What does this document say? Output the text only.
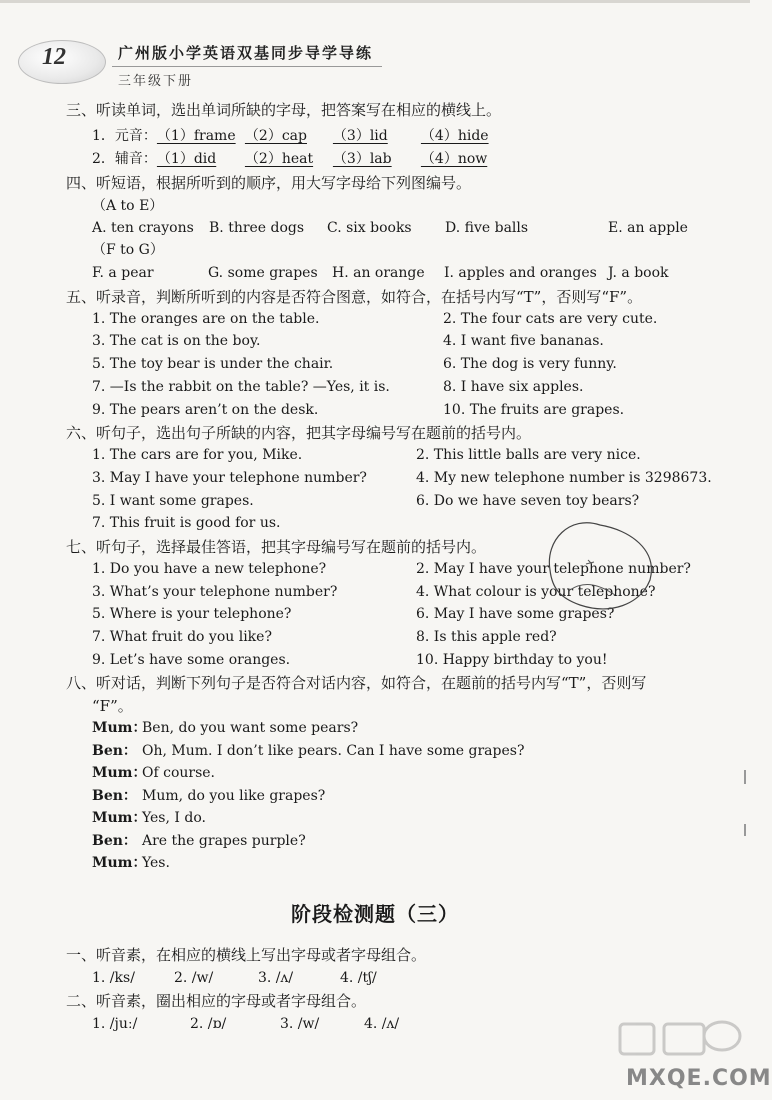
12	广州版小学英语双基同步导学导练
三年级下册
三、听读单词，选出单词所缺的字母，把答案写在相应的横线上。
1．元音：（1）frame （2）cap （3）lid （4）hide
2．辅音：（1）did （2）heat （3）lab （4）now
四、听短语，根据所听到的顺序，用大写字母给下列图编号。
（A to E）
A. ten crayons B. three dogs C. six books D. five balls	E. an apple
（F to G）
F. a pear	G. some grapes H. an orange I. apples and oranges J. a book
五、听录音，判断所听到的内容是否符合图意，如符合，在括号内写“T”，否则写“F”。
1. The oranges are on the table.	2. The four cats are very cute.
3. The cat is on the boy.	4. I want five bananas.
5. The toy bear is under the chair.	6. The dog is very funny.
7. —Is the rabbit on the table? —Yes, it is.	8. I have six apples.
9. The pears aren’t on the desk.	10. The fruits are grapes.
六、听句子，选出句子所缺的内容，把其字母编号写在题前的括号内。
1. The cars are for you, Mike.	2. This little balls are very nice.
3. May I have your telephone number?	4. My new telephone number is 3298673.
5. I want some grapes.	6. Do we have seven toy bears?
7. This fruit is good for us.
七、听句子，选择最佳答语，把其字母编号写在题前的括号内。
1. Do you have a new telephone?	2. May I have your telephone number?
3. What’s your telephone number?	4. What colour is your telephone?
5. Where is your telephone?	6. May I have some grapes?
7. What fruit do you like?	8. Is this apple red?
9. Let’s have some oranges.	10. Happy birthday to you!
八、听对话，判断下列句子是否符合对话内容，如符合，在题前的括号内写“T”，否则写
“F”。
Mum：Ben, do you want some pears?
Ben： Oh, Mum. I don’t like pears. Can I have some grapes?
Mum：Of course.
Ben： Mum, do you like grapes?
Mum：Yes, I do.
Ben： Are the grapes purple?
Mum：Yes.
阶段检测题（三）
一、听音素，在相应的横线上写出字母或者字母组合。
1. /ks/	2. /w/	3. /ʌ/	4. /tʃ/
二、听音素，圈出相应的字母或者字母组合。
1. /juː/	2. /ɒ/	3. /w/	4. /ʌ/
MXQE.COM
